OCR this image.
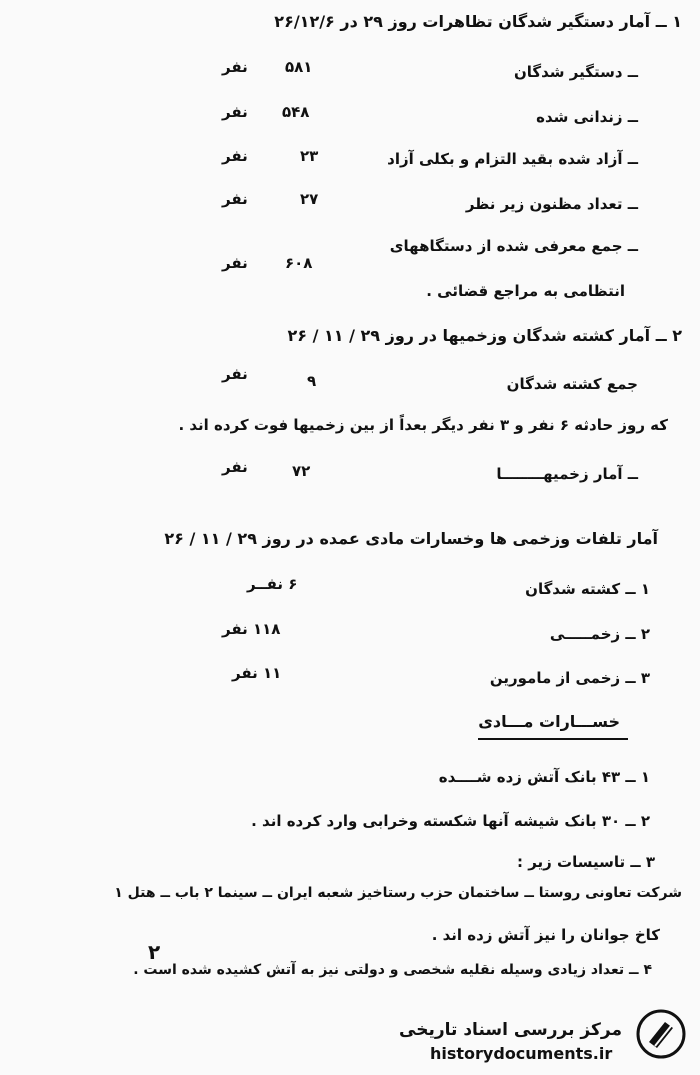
۱ ــ آمار دستگیر شدگان تظاهرات روز ۲۹ در ۲۶/۱۲/۶
ــ دستگیر شدگان
۵۸۱
نفر
ــ زندانی شده
۵۴۸
نفر
ــ آزاد شده بقید التزام و بکلی آزاد
۲۳
نفر
ــ تعداد مظنون زیر نظر
۲۷
نفر
ــ جمع معرفی شده از دستگاههای
انتظامی به مراجع قضائی .
۶۰۸
نفر
۲ ــ آمار کشته شدگان وزخمیها در روز ۲۹ / ۱۱ / ۲۶
جمع کشته شدگان
۹
نفر
که روز حادثه ۶ نفر و ۳ نفر دیگر بعداً از بین زخمیها فوت کرده اند .
ــ آمار زخمیهــــــــا
۷۲
نفر
آمار تلفات وزخمی ها وخسارات مادی عمده در روز ۲۹ / ۱۱ / ۲۶
۱ ــ کشته شدگان
۶ نفــر
۲ ــ زخمـــــی
۱۱۸ نفر
۳ ــ زخمی از مامورین
۱۱ نفر
خســـارات مـــادی
۱ ــ ۴۳ بانک آتش زده شــــده
۲ ــ ۳۰ بانک شیشه آنها شکسته وخرابی وارد کرده اند .
۳ ــ تاسیسات زیر :
شرکت تعاونی روستا ــ ساختمان حزب رستاخیز شعبه ایران ــ سینما ۲ باب ــ هتل ۱
کاخ جوانان را نیز آتش زده اند .
۴ ــ تعداد زیادی وسیله نقلیه شخصی و دولتی نیز به آتش کشیده شده است .
۲
مرکز بررسی اسناد تاریخی
historydocuments.ir
